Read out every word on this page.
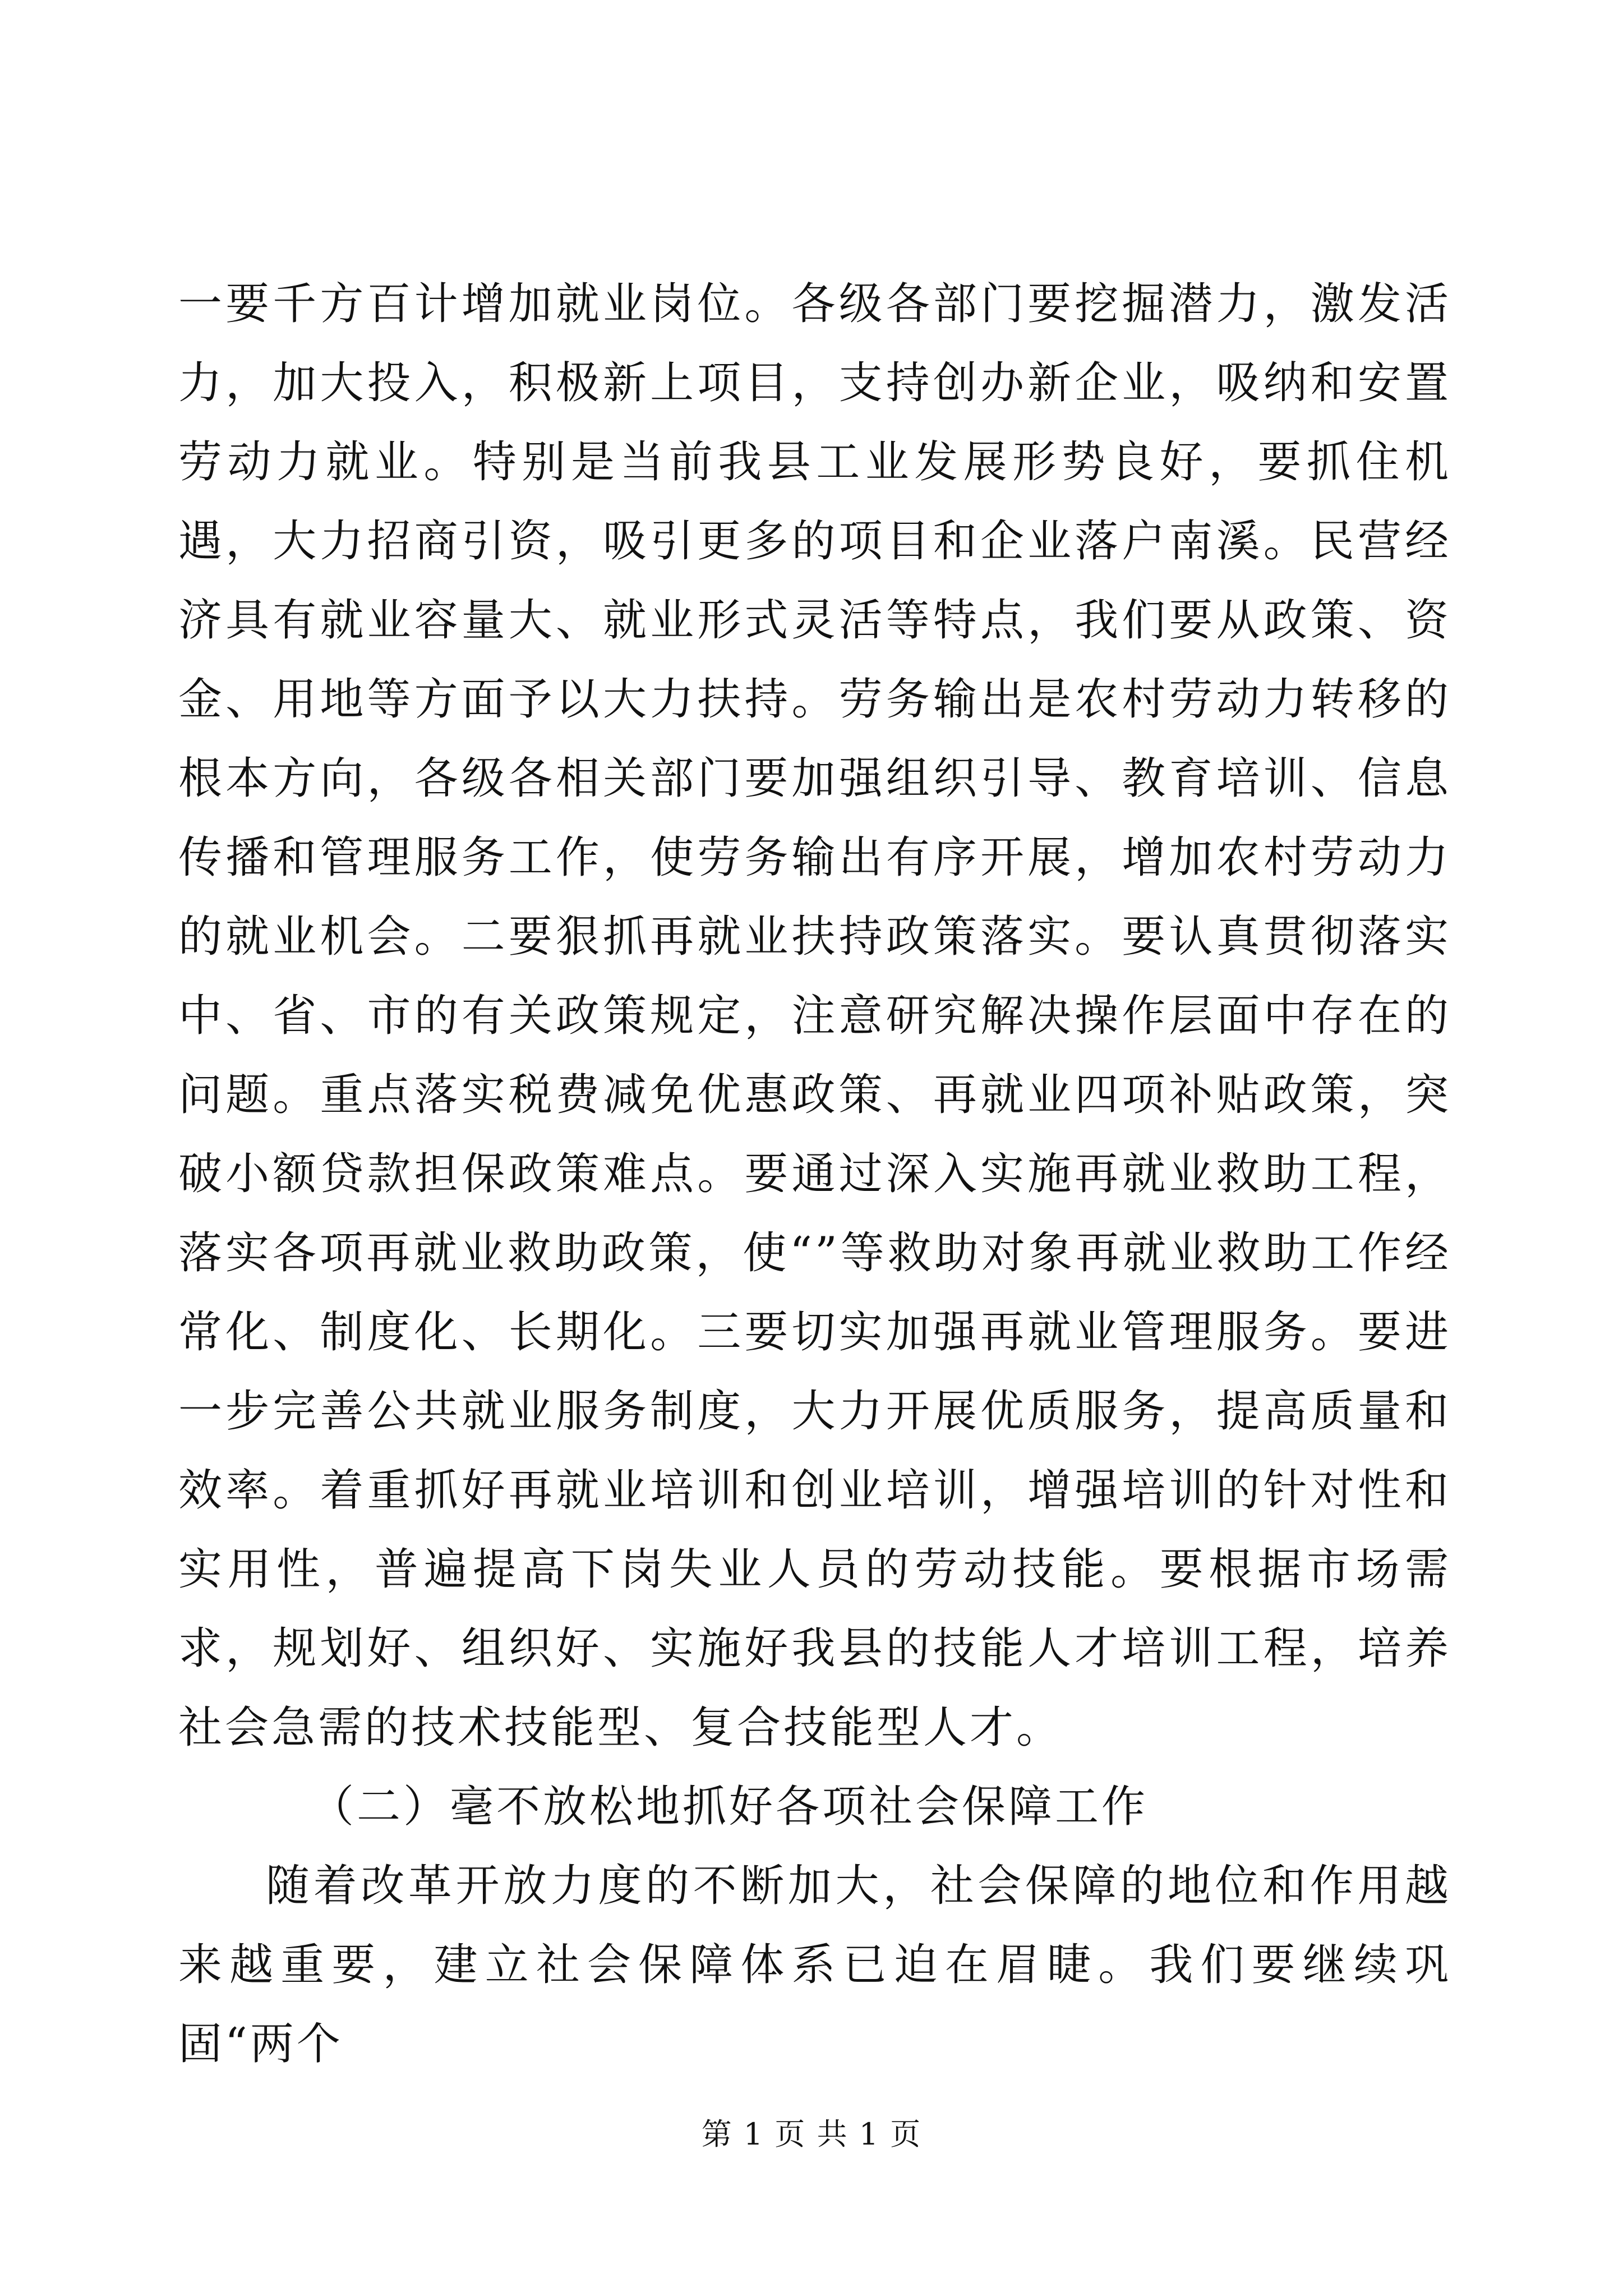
一要千方百计增加就业岗位。各级各部门要挖掘潜力，激发活力，加大投入，积极新上项目，支持创办新企业，吸纳和安置劳动力就业。特别是当前我县工业发展形势良好，要抓住机遇，大力招商引资，吸引更多的项目和企业落户南溪。民营经济具有就业容量大、就业形式灵活等特点，我们要从政策、资金、用地等方面予以大力扶持。劳务输出是农村劳动力转移的根本方向，各级各相关部门要加强组织引导、教育培训、信息传播和管理服务工作，使劳务输出有序开展，增加农村劳动力的就业机会。二要狠抓再就业扶持政策落实。要认真贯彻落实中、省、市的有关政策规定，注意研究解决操作层面中存在的问题。重点落实税费减免优惠政策、再就业四项补贴政策，突破小额贷款担保政策难点。要通过深入实施再就业救助工程，落实各项再就业救助政策，使“”等救助对象再就业救助工作经常化、制度化、长期化。三要切实加强再就业管理服务。要进一步完善公共就业服务制度，大力开展优质服务，提高质量和效率。着重抓好再就业培训和创业培训，增强培训的针对性和实用性，普遍提高下岗失业人员的劳动技能。要根据市场需求，规划好、组织好、实施好我县的技能人才培训工程，培养社会急需的技术技能型、复合技能型人才。

（二）毫不放松地抓好各项社会保障工作

随着改革开放力度的不断加大，社会保障的地位和作用越来越重要，建立社会保障体系已迫在眉睫。我们要继续巩固“两个

第 1 页 共 1 页
